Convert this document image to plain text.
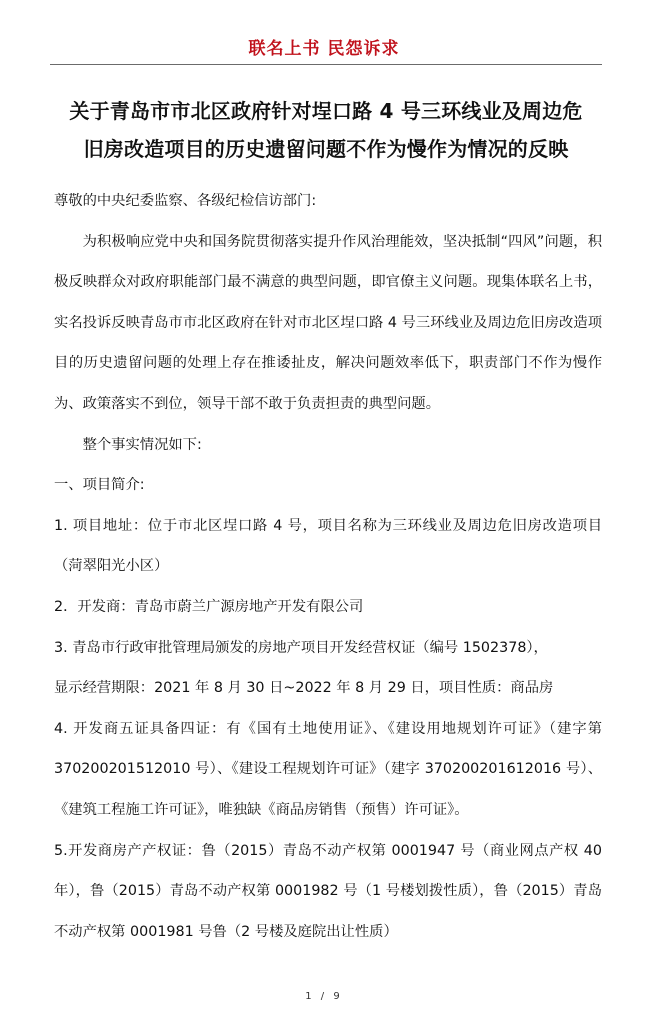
联名上书 民怨诉求
关于青岛市市北区政府针对埕口路 4 号三环线业及周边危
旧房改造项目的历史遗留问题不作为慢作为情况的反映

尊敬的中央纪委监察、各级纪检信访部门:

为积极响应党中央和国务院贯彻落实提升作风治理能效，坚决抵制“四风”问题，积极反映群众对政府职能部门最不满意的典型问题，即官僚主义问题。现集体联名上书，实名投诉反映青岛市市北区政府在针对市北区埕口路 4 号三环线业及周边危旧房改造项目的历史遗留问题的处理上存在推诿扯皮，解决问题效率低下，职责部门不作为慢作为、政策落实不到位，领导干部不敢于负责担责的典型问题。

整个事实情况如下:

一、项目简介:

1. 项目地址：位于市北区埕口路 4 号，项目名称为三环线业及周边危旧房改造项目（菏翠阳光小区）

2．开发商：青岛市蔚兰广源房地产开发有限公司

3. 青岛市行政审批管理局颁发的房地产项目开发经营权证（编号 1502378），

显示经营期限：2021 年 8 月 30 日~2022 年 8 月 29 日，项目性质：商品房

4. 开发商五证具备四证：有《国有土地使用证》、《建设用地规划许可证》（建字第 370200201512010 号）、《建设工程规划许可证》（建字 370200201612016 号）、《建筑工程施工许可证》，唯独缺《商品房销售（预售）许可证》。

5.开发商房产产权证：鲁（2015）青岛不动产权第 0001947 号（商业网点产权 40 年），鲁（2015）青岛不动产权第 0001982 号（1 号楼划拨性质），鲁（2015）青岛不动产权第 0001981 号鲁（2 号楼及庭院出让性质）

1 / 9
